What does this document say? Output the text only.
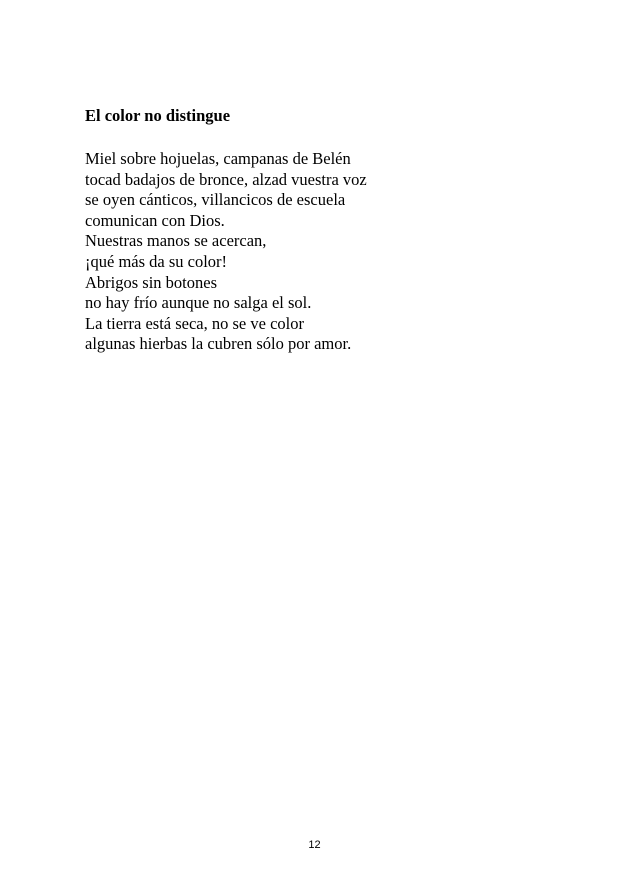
El color no distingue
Miel sobre hojuelas, campanas de Belén
tocad badajos de bronce, alzad vuestra voz
se oyen cánticos, villancicos de escuela
comunican con Dios.
Nuestras manos se acercan,
¡qué más da su color!
Abrigos sin botones
no hay frío aunque no salga el sol.
La tierra está seca, no se ve color
algunas hierbas la cubren sólo por amor.
12
